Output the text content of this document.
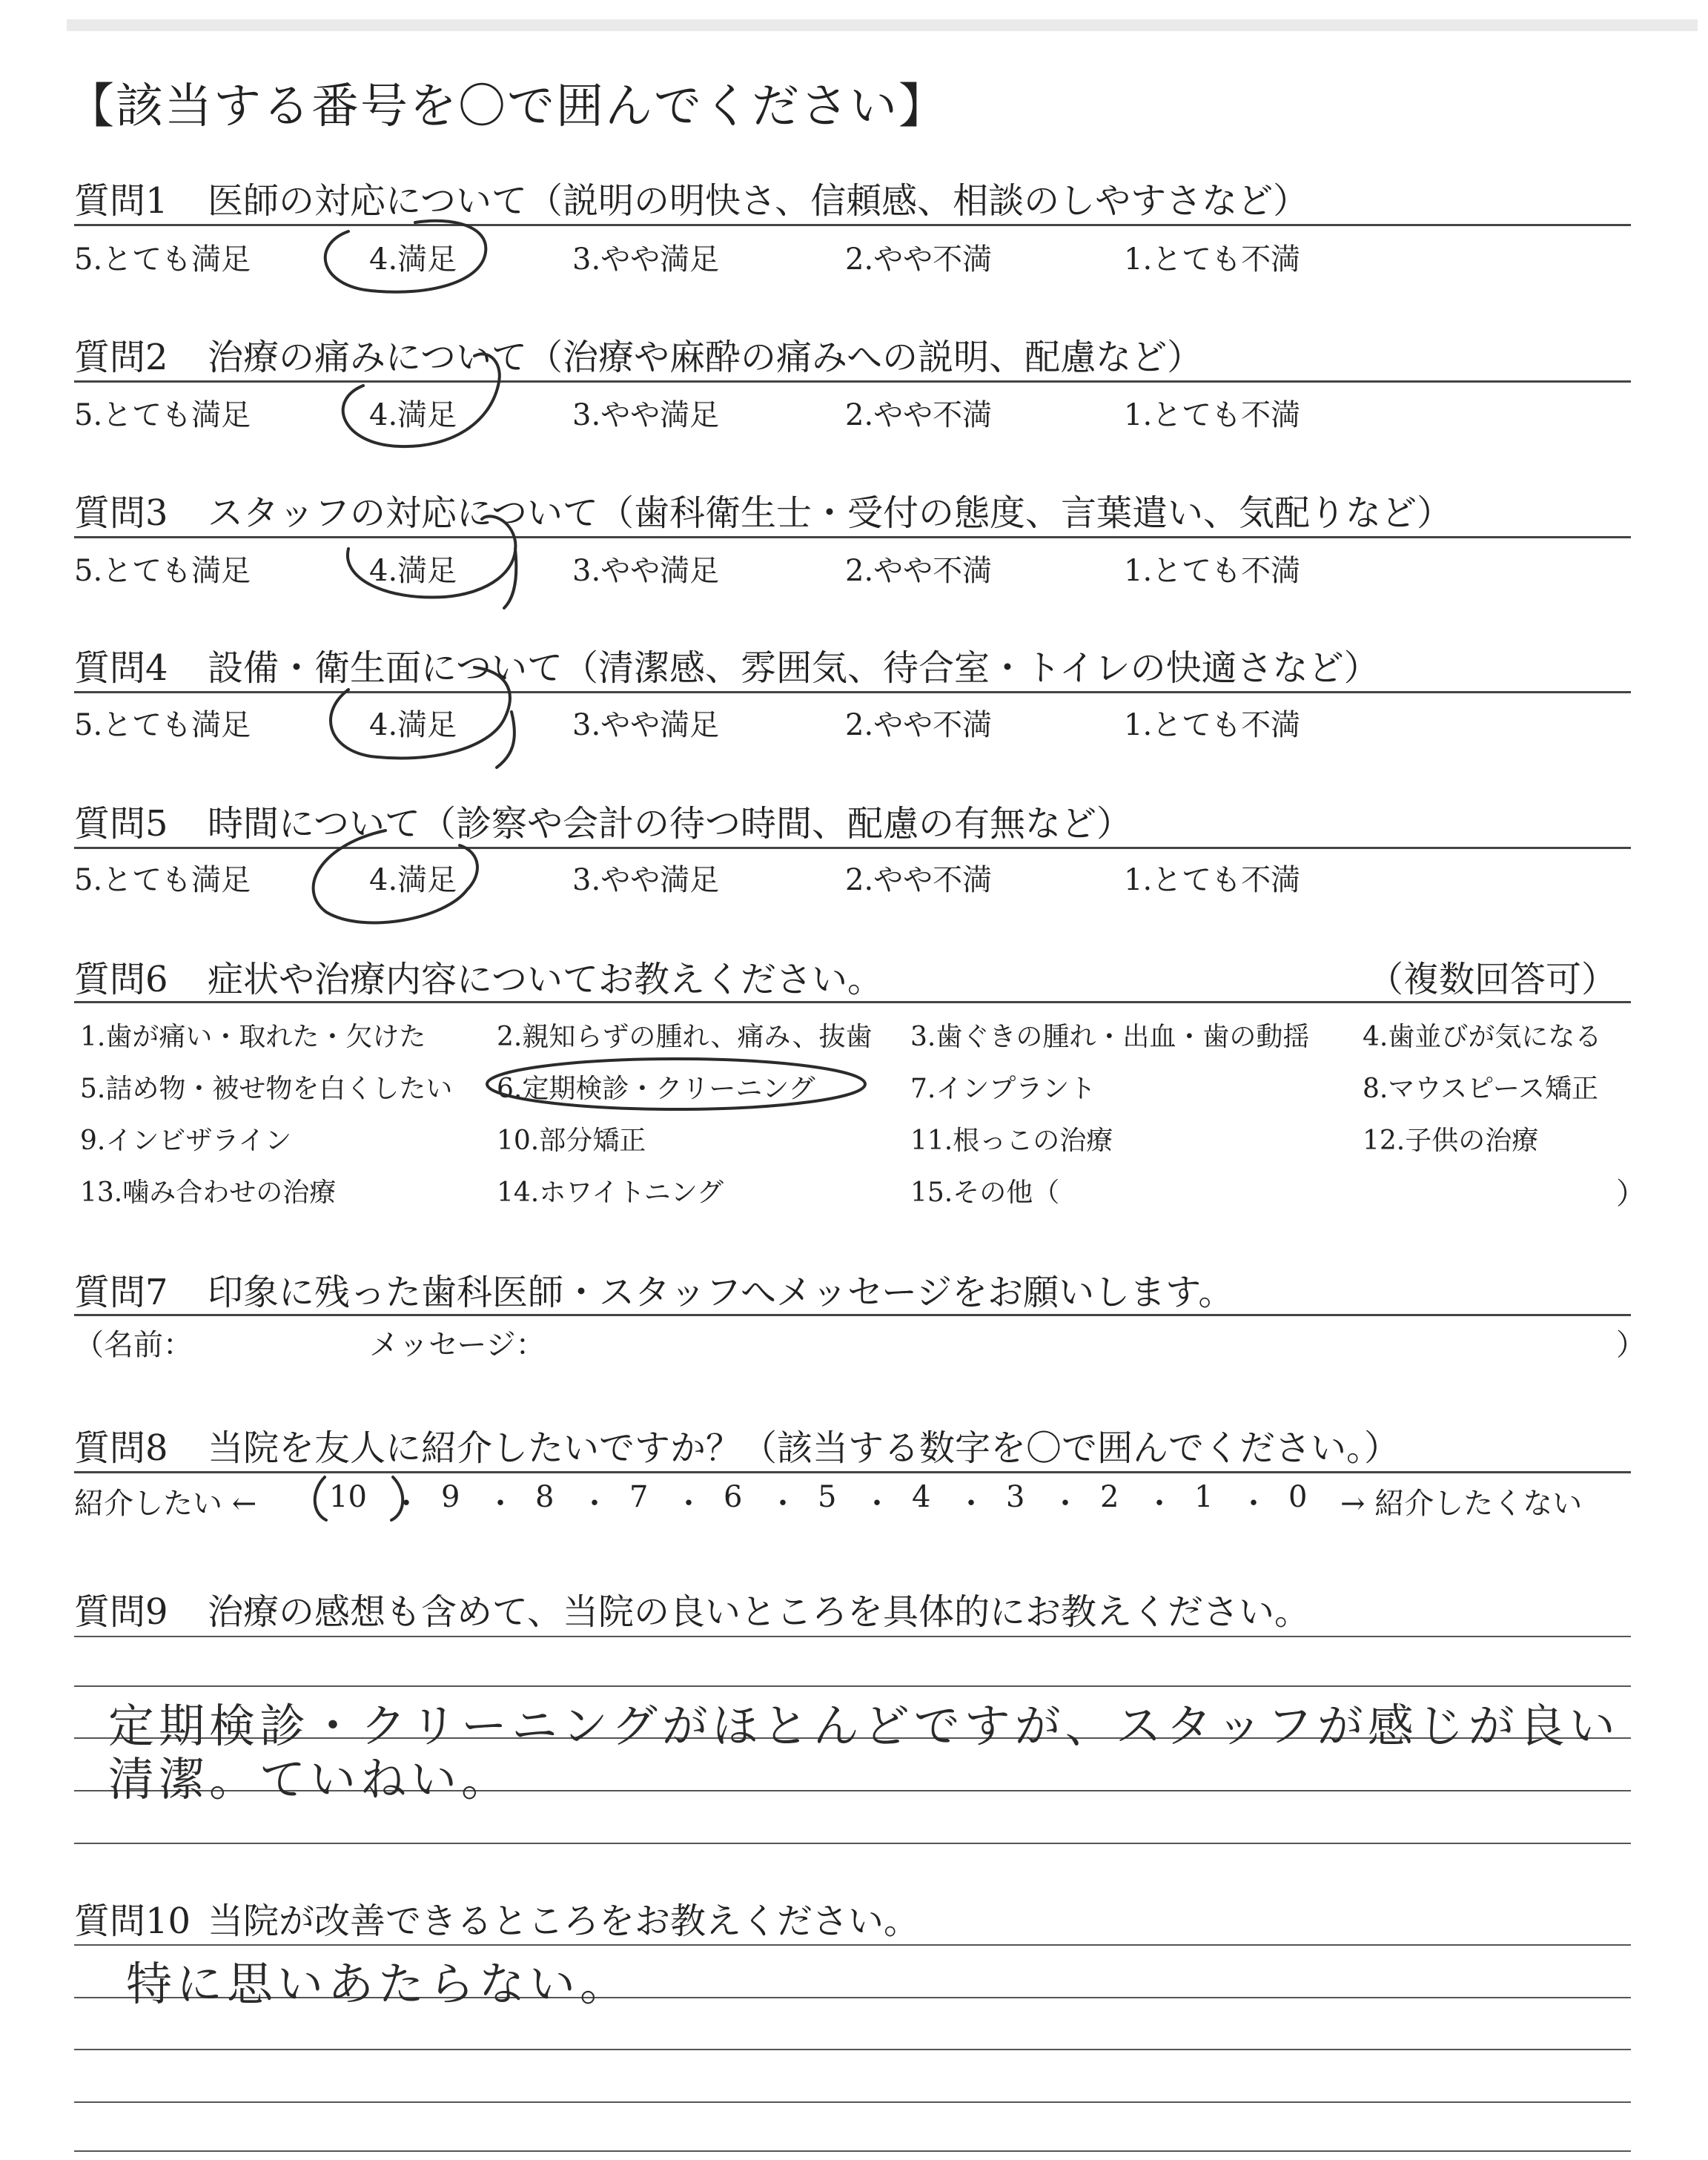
【該当する番号を〇で囲んでください】
質問1 医師の対応について（説明の明快さ、信頼感、相談のしやすさなど）
5.とても満足	4.満足	3.やや満足	2.やや不満	1.とても不満
質問2 治療の痛みについて（治療や麻酔の痛みへの説明、配慮など）
5.とても満足	4.満足	3.やや満足	2.やや不満	1.とても不満
質問3 スタッフの対応について（歯科衛生士・受付の態度、言葉遣い、気配りなど）
5.とても満足	4.満足	3.やや満足	2.やや不満	1.とても不満
質問4 設備・衛生面について（清潔感、雰囲気、待合室・トイレの快適さなど）
5.とても満足	4.満足	3.やや満足	2.やや不満	1.とても不満
質問5 時間について（診察や会計の待つ時間、配慮の有無など）
5.とても満足	4.満足	3.やや満足	2.やや不満	1.とても不満
質問6 症状や治療内容についてお教えください。	（複数回答可）
1.歯が痛い・取れた・欠けた	2.親知らずの腫れ、痛み、抜歯 3.歯ぐきの腫れ・出血・歯の動揺 4.歯並びが気になる
5.詰め物・被せ物を白くしたい 6.定期検診・クリーニング	7.インプラント	8.マウスピース矯正
9.インビザライン	10.部分矯正	11.根っこの治療	12.子供の治療
13.噛み合わせの治療	14.ホワイトニング	15.その他（	）
質問7 印象に残った歯科医師・スタッフへメッセージをお願いします。
（名前：	メッセージ：	）
質問8 当院を友人に紹介したいですか？（該当する数字を〇で囲んでください。）
紹介したい ←	→ 紹介したくない
10	9	8	7	6	5	4	3	2	1	0
・ ・ ・ ・ ・ ・ ・ ・ ・ ・
質問9 治療の感想も含めて、当院の良いところを具体的にお教えください。
定期検診・クリーニングがほとんどですが、スタッフが感じが良い
清潔。ていねい。
質問10 当院が改善できるところをお教えください。
特に思いあたらない。
